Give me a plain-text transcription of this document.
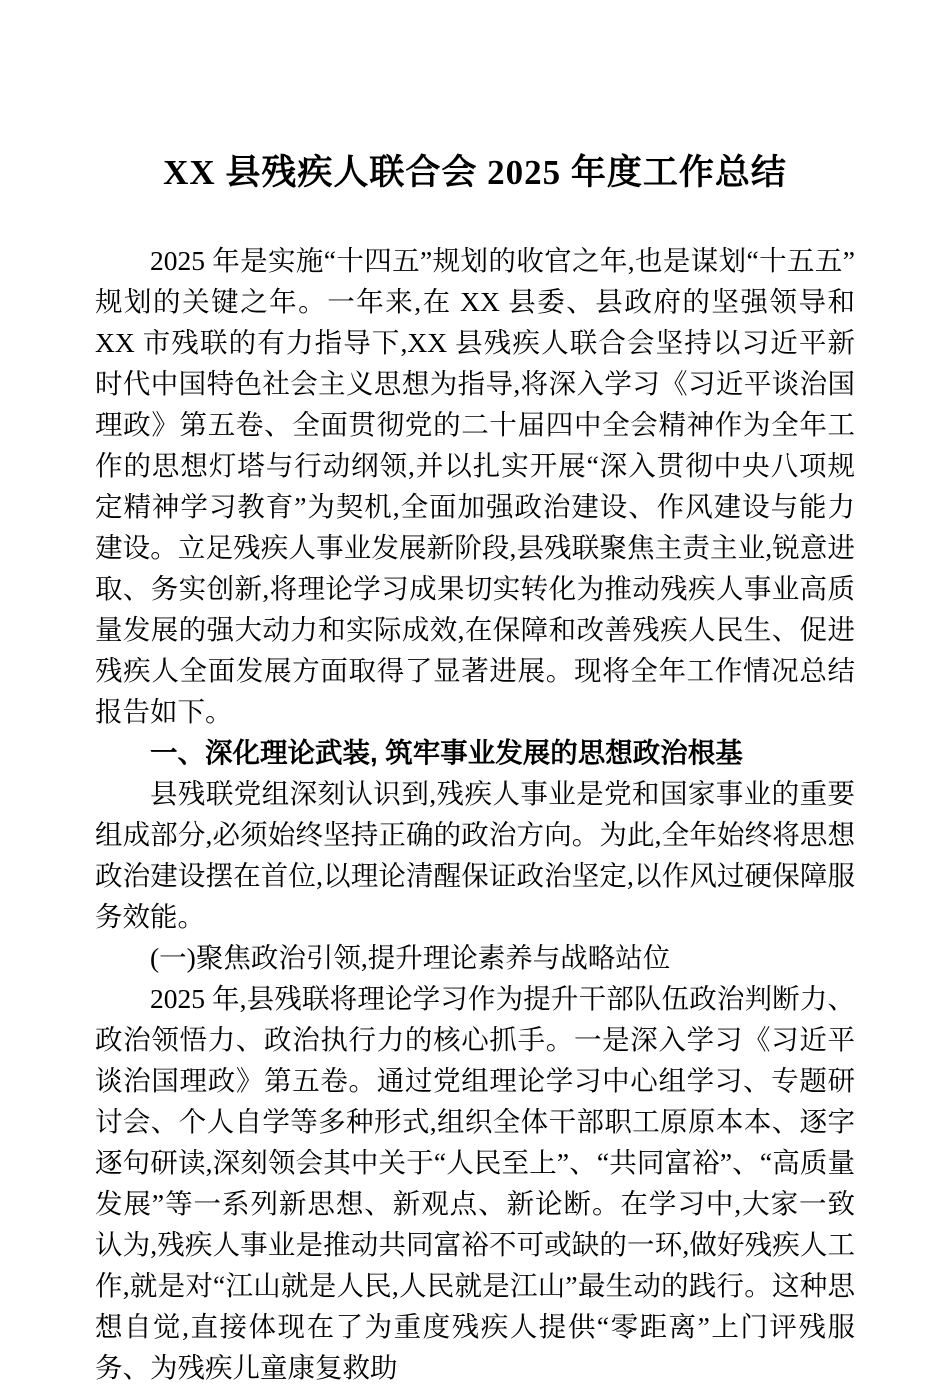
XX 县残疾人联合会 2025 年度工作总结

2025 年是实施“十四五”规划的收官之年,也是谋划“十五五”规划的关键之年。一年来,在 XX 县委、县政府的坚强领导和 XX 市残联的有力指导下,XX 县残疾人联合会坚持以习近平新时代中国特色社会主义思想为指导,将深入学习《习近平谈治国理政》第五卷、全面贯彻党的二十届四中全会精神作为全年工作的思想灯塔与行动纲领,并以扎实开展“深入贯彻中央八项规定精神学习教育”为契机,全面加强政治建设、作风建设与能力建设。立足残疾人事业发展新阶段,县残联聚焦主责主业,锐意进取、务实创新,将理论学习成果切实转化为推动残疾人事业高质量发展的强大动力和实际成效,在保障和改善残疾人民生、促进残疾人全面发展方面取得了显著进展。现将全年工作情况总结报告如下。

一、深化理论武装, 筑牢事业发展的思想政治根基

县残联党组深刻认识到,残疾人事业是党和国家事业的重要组成部分,必须始终坚持正确的政治方向。为此,全年始终将思想政治建设摆在首位,以理论清醒保证政治坚定,以作风过硬保障服务效能。

(一)聚焦政治引领,提升理论素养与战略站位

2025 年,县残联将理论学习作为提升干部队伍政治判断力、政治领悟力、政治执行力的核心抓手。一是深入学习《习近平谈治国理政》第五卷。通过党组理论学习中心组学习、专题研讨会、个人自学等多种形式,组织全体干部职工原原本本、逐字逐句研读,深刻领会其中关于“人民至上”、“共同富裕”、“高质量发展”等一系列新思想、新观点、新论断。在学习中,大家一致认为,残疾人事业是推动共同富裕不可或缺的一环,做好残疾人工作,就是对“江山就是人民,人民就是江山”最生动的践行。这种思想自觉,直接体现在了为重度残疾人提供“零距离”上门评残服务、为残疾儿童康复救助
